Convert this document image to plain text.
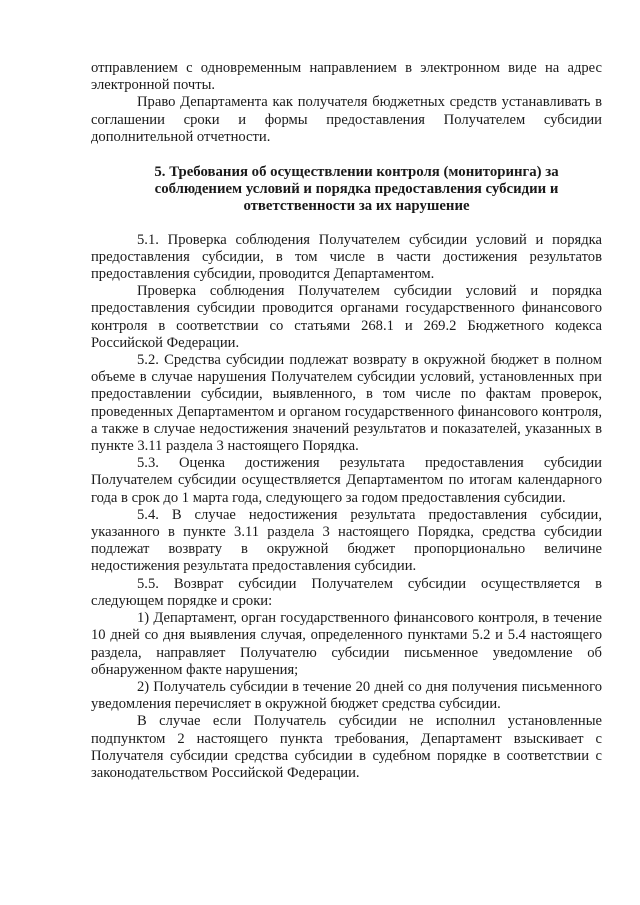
отправлением с одновременным направлением в электронном виде на адрес электронной почты.

Право Департамента как получателя бюджетных средств устанавливать в соглашении сроки и формы предоставления Получателем субсидии дополнительной отчетности.

5. Требования об осуществлении контроля (мониторинга) за соблюдением условий и порядка предоставления субсидии и ответственности за их нарушение

5.1. Проверка соблюдения Получателем субсидии условий и порядка предоставления субсидии, в том числе в части достижения результатов предоставления субсидии, проводится Департаментом.

Проверка соблюдения Получателем субсидии условий и порядка предоставления субсидии проводится органами государственного финансового контроля в соответствии со статьями 268.1 и 269.2 Бюджетного кодекса Российской Федерации.

5.2. Средства субсидии подлежат возврату в окружной бюджет в полном объеме в случае нарушения Получателем субсидии условий, установленных при предоставлении субсидии, выявленного, в том числе по фактам проверок, проведенных Департаментом и органом государственного финансового контроля, а также в случае недостижения значений результатов и показателей, указанных в пункте 3.11 раздела 3 настоящего Порядка.

5.3. Оценка достижения результата предоставления субсидии Получателем субсидии осуществляется Департаментом по итогам календарного года в срок до 1 марта года, следующего за годом предоставления субсидии.

5.4. В случае недостижения результата предоставления субсидии, указанного в пункте 3.11 раздела 3 настоящего Порядка, средства субсидии подлежат возврату в окружной бюджет пропорционально величине недостижения результата предоставления субсидии.

5.5. Возврат субсидии Получателем субсидии осуществляется в следующем порядке и сроки:

1) Департамент, орган государственного финансового контроля, в течение 10 дней со дня выявления случая, определенного пунктами 5.2 и 5.4 настоящего раздела, направляет Получателю субсидии письменное уведомление об обнаруженном факте нарушения;

2) Получатель субсидии в течение 20 дней со дня получения письменного уведомления перечисляет в окружной бюджет средства субсидии.

В случае если Получатель субсидии не исполнил установленные подпунктом 2 настоящего пункта требования, Департамент взыскивает с Получателя субсидии средства субсидии в судебном порядке в соответствии с законодательством Российской Федерации.
